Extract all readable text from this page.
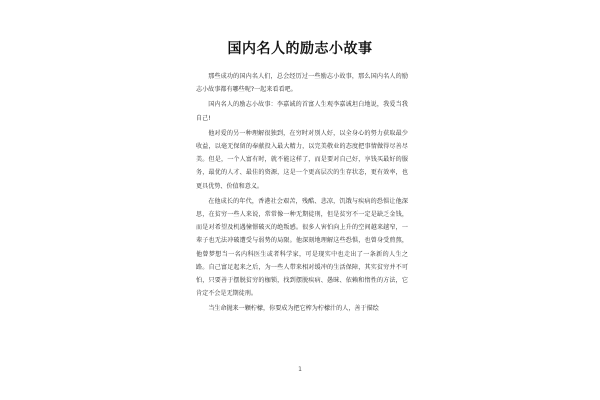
国内名人的励志小故事

那些成功的国内名人们，总会经历过一些励志小故事，那么国内名人的励志小故事都有哪些呢?一起来看看吧。

国内名人的励志小故事：李嘉诚的首富人生观李嘉诚坦白地说，我爱当我自己!

他对爱的另一种理解很独到，在穷时对别人好，以全身心的努力获取最少收益，以毫无保留的奉献投入最大精力，以完美敬业的态度把事情做得尽善尽美。但是，一个人富有时，就不能这样了，而是要对自己好，享钱买最好的服务，最优的人才、最佳的资源，这是一个更高层次的生存状态，更有效率，也更具优势、价值和意义。

在他成长的年代，香港社会艰苦，残酷、悲凉，饥饿与疾病的恐惧让他深思，在贫穷一些人来说，常常像一种无期徒刑，但是贫穷不一定是缺乏金钱，而是对希望及机遇憧憬破灭的绝叛感。很多人害怕向上升的空间越来越窄，一辈子也无法冲破遭受与弱势的局限。他深刻地理解这些恐惧，也曾身受煎熬，他曾梦想当一名内科医生或者科学家，可是现实中也走出了一条新的人生之路。自己富足起来之后，为一些人带来相对缓冲的生活保障，其实贫穷并不可怕，只要善于摆脱贫穷的枷锁，找到摆脱疾病、愚昧、依赖和惰性的方法，它肯定不会是无期徒刑。

当生命抛来一颗柠檬，你要成为把它榨为柠檬汁的人，善于描绘

1
